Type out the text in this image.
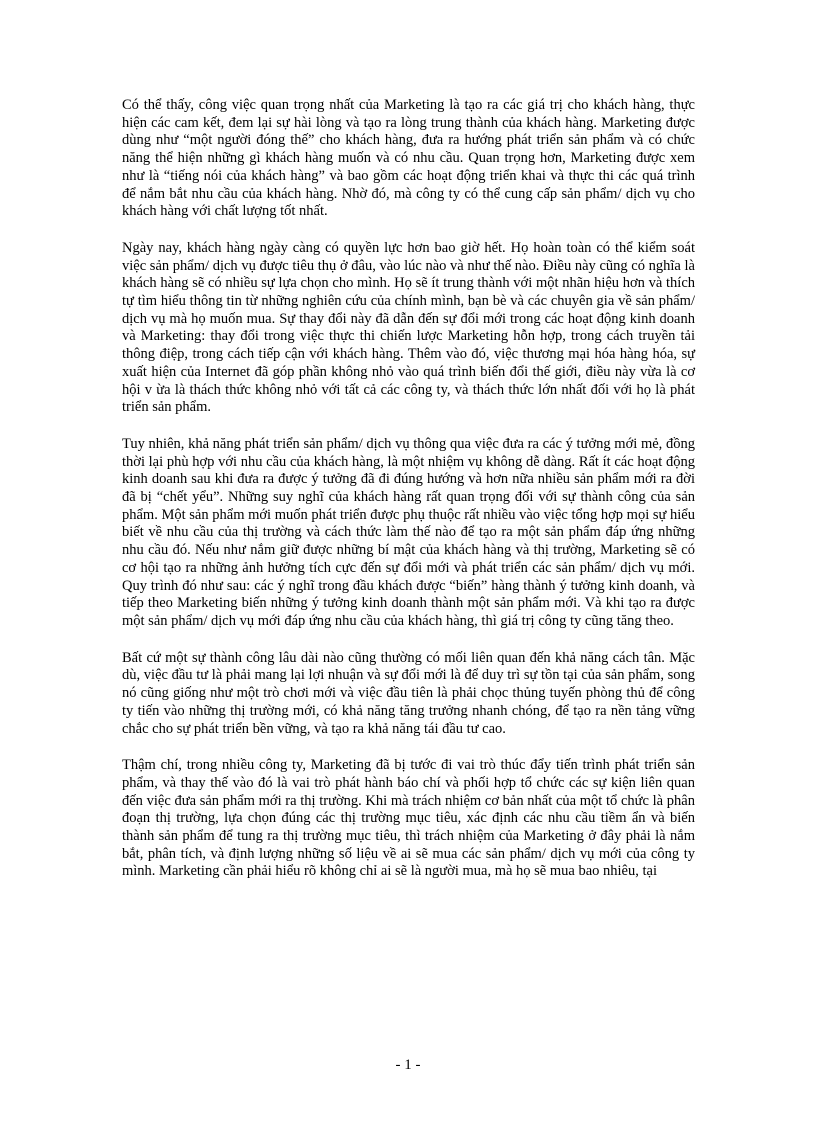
Có thể thấy, công việc quan trọng nhất của Marketing là tạo ra các giá trị cho khách hàng, thực hiện các cam kết, đem lại sự hài lòng và tạo ra lòng trung thành của khách hàng. Marketing được dùng như “một người đóng thế” cho khách hàng, đưa ra hướng phát triển sản phẩm và có chức năng thể hiện những gì khách hàng muốn và có nhu cầu. Quan trọng hơn, Marketing được xem như là “tiếng nói của khách hàng” và bao gồm các hoạt động triển khai và thực thi các quá trình để nắm bắt nhu cầu của khách hàng. Nhờ đó, mà công ty có thể cung cấp sản phẩm/ dịch vụ cho khách hàng với chất lượng tốt nhất.

Ngày nay, khách hàng ngày càng có quyền lực hơn bao giờ hết. Họ hoàn toàn có thể kiểm soát việc sản phẩm/ dịch vụ được tiêu thụ ở đâu, vào lúc nào và như thế nào. Điều này cũng có nghĩa là khách hàng sẽ có nhiều sự lựa chọn cho mình. Họ sẽ ít trung thành với một nhãn hiệu hơn và thích tự tìm hiểu thông tin từ những nghiên cứu của chính mình, bạn bè và các chuyên gia về sản phẩm/ dịch vụ mà họ muốn mua. Sự thay đổi này đã dẫn đến sự đổi mới trong các hoạt động kinh doanh và Marketing: thay đổi trong việc thực thi chiến lược Marketing hỗn hợp, trong cách truyền tải thông điệp, trong cách tiếp cận với khách hàng. Thêm vào đó, việc thương mại hóa hàng hóa, sự xuất hiện của Internet đã góp phần không nhỏ vào quá trình biến đổi thế giới, điều này vừa là cơ hội v ừa là thách thức không nhỏ với tất cả các công ty, và thách thức lớn nhất đối với họ là phát triển sản phẩm.

Tuy nhiên, khả năng phát triển sản phẩm/ dịch vụ thông qua việc đưa ra các ý tưởng mới mẻ, đồng thời lại phù hợp với nhu cầu của khách hàng, là một nhiệm vụ không dễ dàng. Rất ít các hoạt động kinh doanh sau khi đưa ra được ý tưởng đã đi đúng hướng và hơn nữa nhiều sản phẩm mới ra đời đã bị “chết yểu”. Những suy nghĩ của khách hàng rất quan trọng đối với sự thành công của sản phẩm. Một sản phẩm mới muốn phát triển được phụ thuộc rất nhiều vào việc tổng hợp mọi sự hiểu biết về nhu cầu của thị trường và cách thức làm thế nào để tạo ra một sản phẩm đáp ứng những nhu cầu đó. Nếu như nắm giữ được những bí mật của khách hàng và thị trường, Marketing sẽ có cơ hội tạo ra những ảnh hưởng tích cực đến sự đổi mới và phát triển các sản phẩm/ dịch vụ mới. Quy trình đó như sau: các ý nghĩ trong đầu khách được “biến” hàng thành ý tưởng kinh doanh, và tiếp theo Marketing biến những ý tưởng kinh doanh thành một sản phẩm mới. Và khi tạo ra được một sản phẩm/ dịch vụ mới đáp ứng nhu cầu của khách hàng, thì giá trị công ty cũng tăng theo.

Bất cứ một sự thành công lâu dài nào cũng thường có mối liên quan đến khả năng cách tân. Mặc dù, việc đầu tư là phải mang lại lợi nhuận và sự đổi mới là để duy trì sự tồn tại của sản phẩm, song nó cũng giống như một trò chơi mới và việc đầu tiên là phải chọc thủng tuyến phòng thủ để công ty tiến vào những thị trường mới, có khả năng tăng trưởng nhanh chóng, để tạo ra nền tảng vững chắc cho sự phát triển bền vững, và tạo ra khả năng tái đầu tư cao.

Thậm chí, trong nhiều công ty, Marketing đã bị tước đi vai trò thúc đẩy tiến trình phát triển sản phẩm, và thay thế vào đó là vai trò phát hành báo chí và phối hợp tổ chức các sự kiện liên quan đến việc đưa sản phẩm mới ra thị trường. Khi mà trách nhiệm cơ bản nhất của một tổ chức là phân đoạn thị trường, lựa chọn đúng các thị trường mục tiêu, xác định các nhu cầu tiềm ẩn và biến thành sản phẩm để tung ra thị trường mục tiêu, thì trách nhiệm của Marketing ở đây phải là nắm bắt, phân tích, và định lượng những số liệu về ai sẽ mua các sản phẩm/ dịch vụ mới của công ty mình. Marketing cần phải hiểu rõ không chỉ ai sẽ là người mua, mà họ sẽ mua bao nhiêu, tại

- 1 -
